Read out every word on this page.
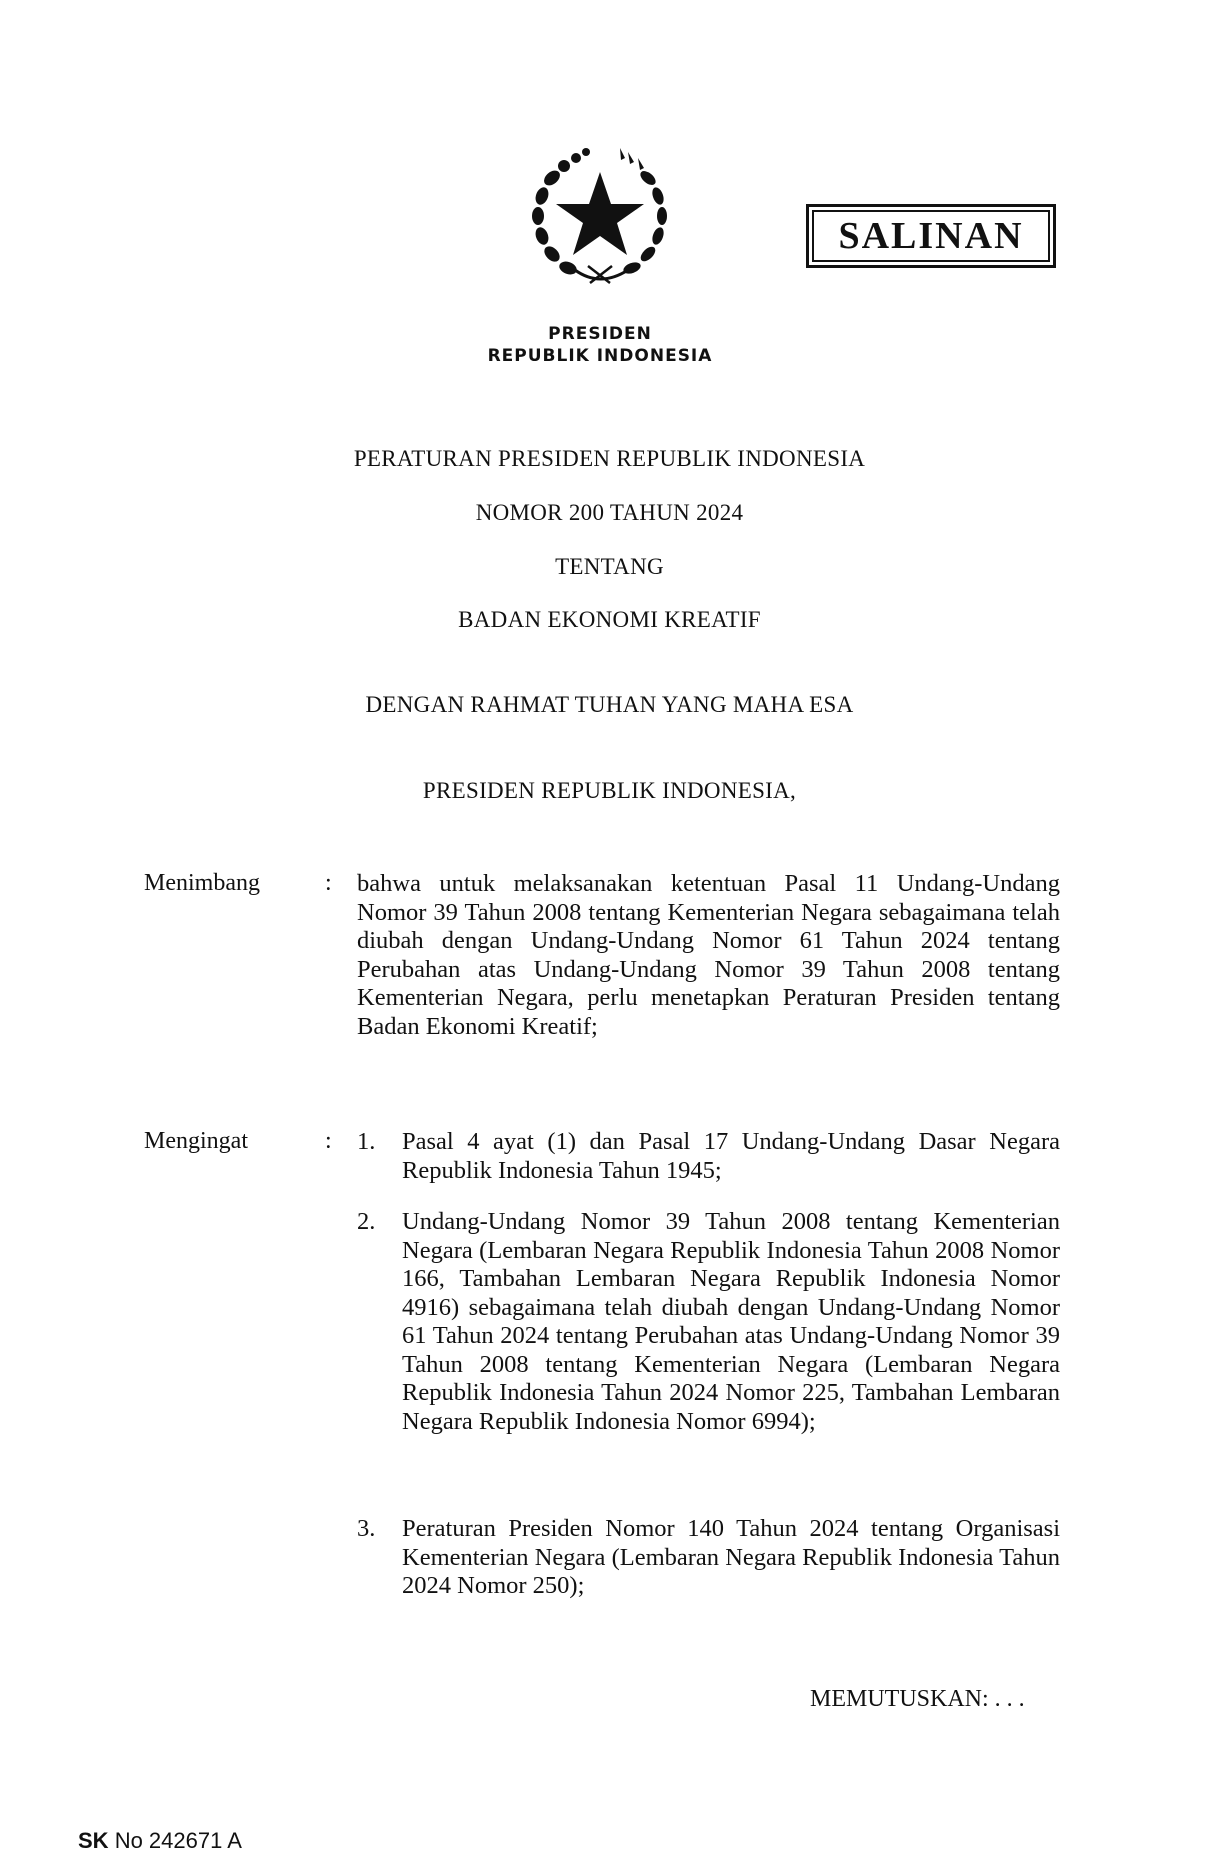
SALINAN
PRESIDEN
REPUBLIK INDONESIA
PERATURAN PRESIDEN REPUBLIK INDONESIA
NOMOR 200 TAHUN 2024
TENTANG
BADAN EKONOMI KREATIF
DENGAN RAHMAT TUHAN YANG MAHA ESA
PRESIDEN REPUBLIK INDONESIA,
Menimbang	: bahwa untuk melaksanakan ketentuan Pasal 11 Undang-Undang Nomor 39 Tahun 2008 tentang Kementerian Negara sebagaimana telah diubah dengan Undang-Undang Nomor 61 Tahun 2024 tentang Perubahan atas Undang-Undang Nomor 39 Tahun 2008 tentang Kementerian Negara, perlu menetapkan Peraturan Presiden tentang Badan Ekonomi Kreatif;
Mengingat	: 1. Pasal 4 ayat (1) dan Pasal 17 Undang-Undang Dasar Negara Republik Indonesia Tahun 1945;
2. Undang-Undang Nomor 39 Tahun 2008 tentang Kementerian Negara (Lembaran Negara Republik Indonesia Tahun 2008 Nomor 166, Tambahan Lembaran Negara Republik Indonesia Nomor 4916) sebagaimana telah diubah dengan Undang-Undang Nomor 61 Tahun 2024 tentang Perubahan atas Undang-Undang Nomor 39 Tahun 2008 tentang Kementerian Negara (Lembaran Negara Republik Indonesia Tahun 2024 Nomor 225, Tambahan Lembaran Negara Republik Indonesia Nomor 6994);
3. Peraturan Presiden Nomor 140 Tahun 2024 tentang Organisasi Kementerian Negara (Lembaran Negara Republik Indonesia Tahun 2024 Nomor 250);
MEMUTUSKAN: . . .
SK No 242671 A
